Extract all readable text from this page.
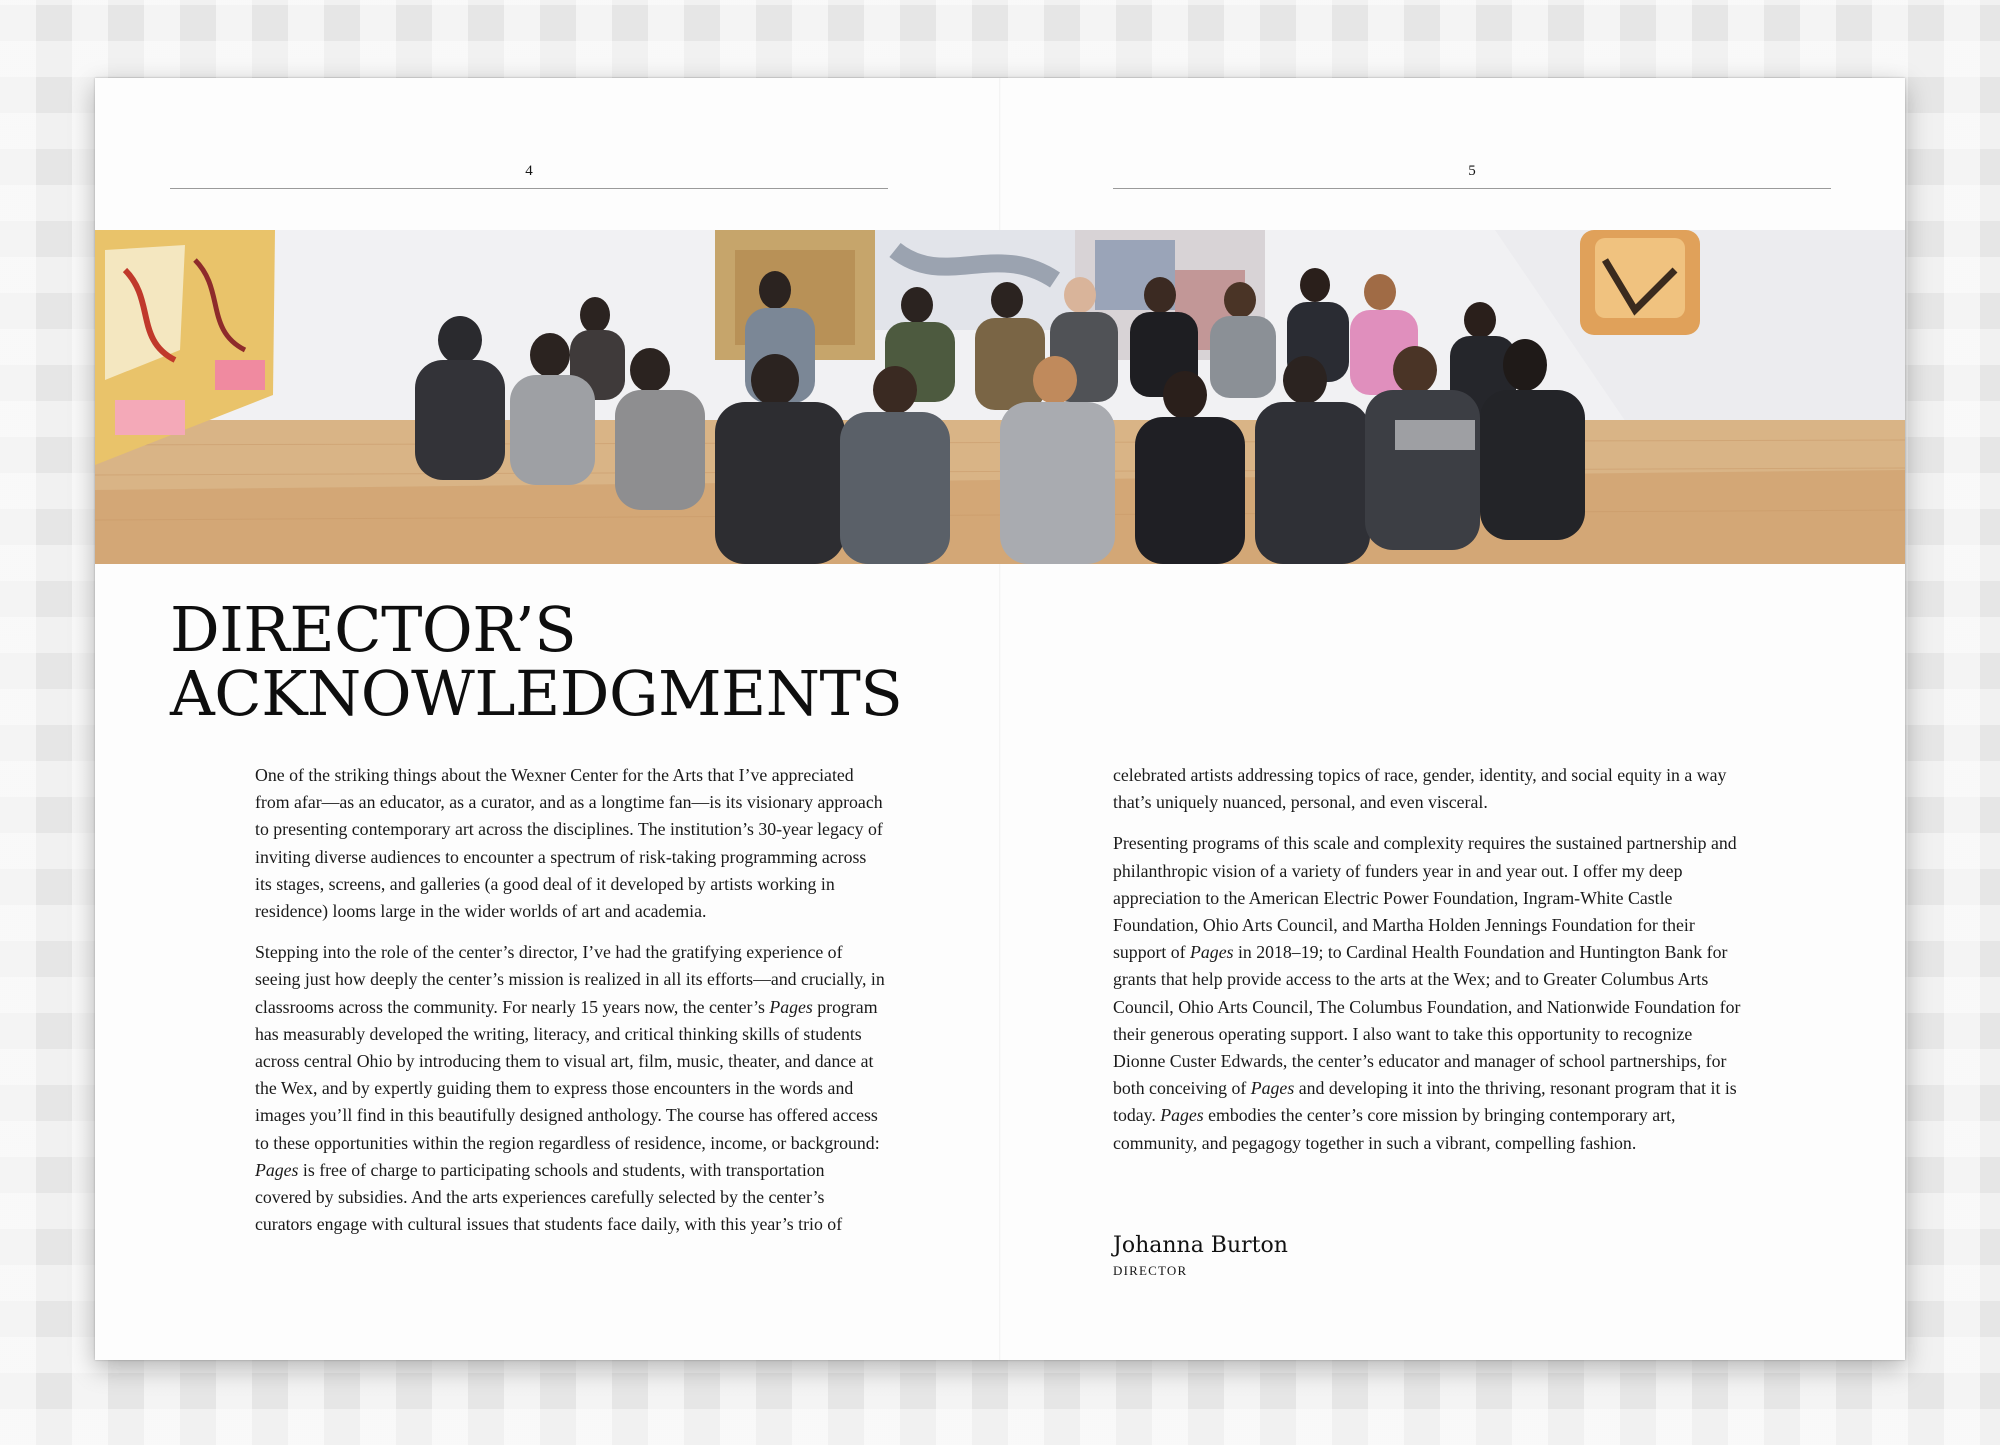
4	5
DIRECTOR’S
ACKNOWLEDGMENTS

One of the striking things about the Wexner Center for the Arts that I’ve appreciated from afar—as an educator, as a curator, and as a longtime fan—is its visionary approach to presenting contemporary art across the disciplines. The institution’s 30-year legacy of inviting diverse audiences to encounter a spectrum of risk-taking programming across its stages, screens, and galleries (a good deal of it developed by artists working in residence) looms large in the wider worlds of art and academia.

Stepping into the role of the center’s director, I’ve had the gratifying experience of seeing just how deeply the center’s mission is realized in all its efforts—and crucially, in classrooms across the community. For nearly 15 years now, the center’s Pages program has measurably developed the writing, literacy, and critical thinking skills of students across central Ohio by introducing them to visual art, film, music, theater, and dance at the Wex, and by expertly guiding them to express those encounters in the words and images you’ll find in this beautifully designed anthology. The course has offered access to these opportunities within the region regardless of residence, income, or background: Pages is free of charge to participating schools and students, with transportation covered by subsidies. And the arts experiences carefully selected by the center’s curators engage with cultural issues that students face daily, with this year’s trio of

celebrated artists addressing topics of race, gender, identity, and social equity in a way that’s uniquely nuanced, personal, and even visceral.

Presenting programs of this scale and complexity requires the sustained partnership and philanthropic vision of a variety of funders year in and year out. I offer my deep appreciation to the American Electric Power Foundation, Ingram-White Castle Foundation, Ohio Arts Council, and Martha Holden Jennings Foundation for their support of Pages in 2018–19; to Cardinal Health Foundation and Huntington Bank for grants that help provide access to the arts at the Wex; and to Greater Columbus Arts Council, Ohio Arts Council, The Columbus Foundation, and Nationwide Foundation for their generous operating support. I also want to take this opportunity to recognize Dionne Custer Edwards, the center’s educator and manager of school partnerships, for both conceiving of Pages and developing it into the thriving, resonant program that it is today. Pages embodies the center’s core mission by bringing contemporary art, community, and pegagogy together in such a vibrant, compelling fashion.

Johanna Burton
DIRECTOR
